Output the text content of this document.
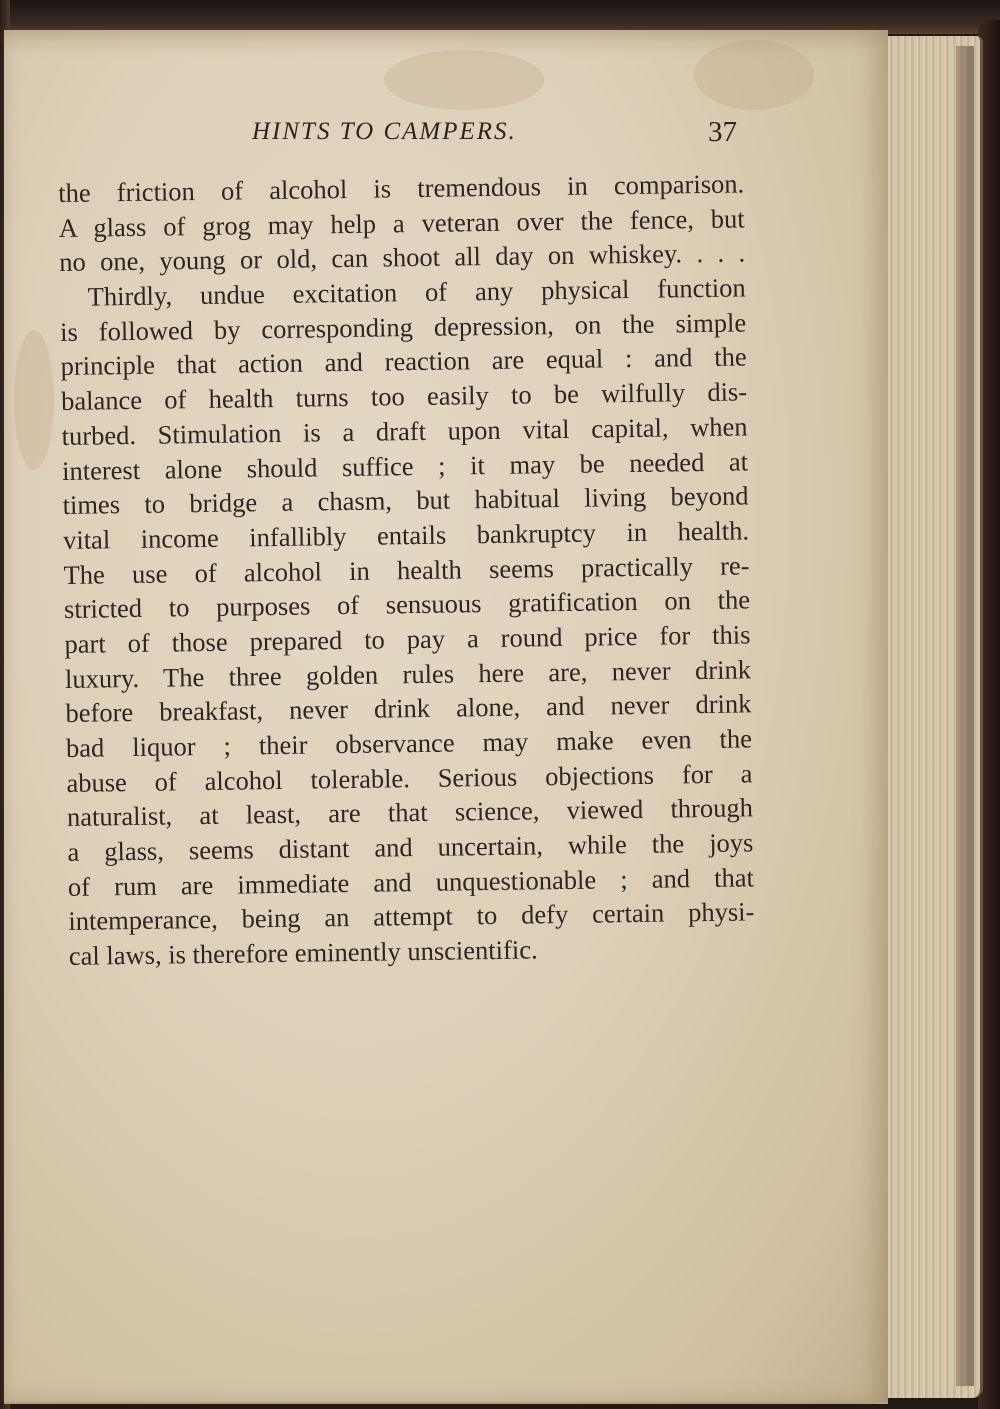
HINTS TO CAMPERS.	37
the friction of alcohol is tremendous in comparison.
A glass of grog may help a veteran over the fence, but
no one, young or old, can shoot all day on whiskey. . . .
Thirdly, undue excitation of any physical function
is followed by corresponding depression, on the simple
principle that action and reaction are equal : and the
balance of health turns too easily to be wilfully dis-
turbed. Stimulation is a draft upon vital capital, when
interest alone should suffice ; it may be needed at
times to bridge a chasm, but habitual living beyond
vital income infallibly entails bankruptcy in health.
The use of alcohol in health seems practically re-
stricted to purposes of sensuous gratification on the
part of those prepared to pay a round price for this
luxury. The three golden rules here are, never drink
before breakfast, never drink alone, and never drink
bad liquor ; their observance may make even the
abuse of alcohol tolerable. Serious objections for a
naturalist, at least, are that science, viewed through
a glass, seems distant and uncertain, while the joys
of rum are immediate and unquestionable ; and that
intemperance, being an attempt to defy certain physi-
cal laws, is therefore eminently unscientific.
